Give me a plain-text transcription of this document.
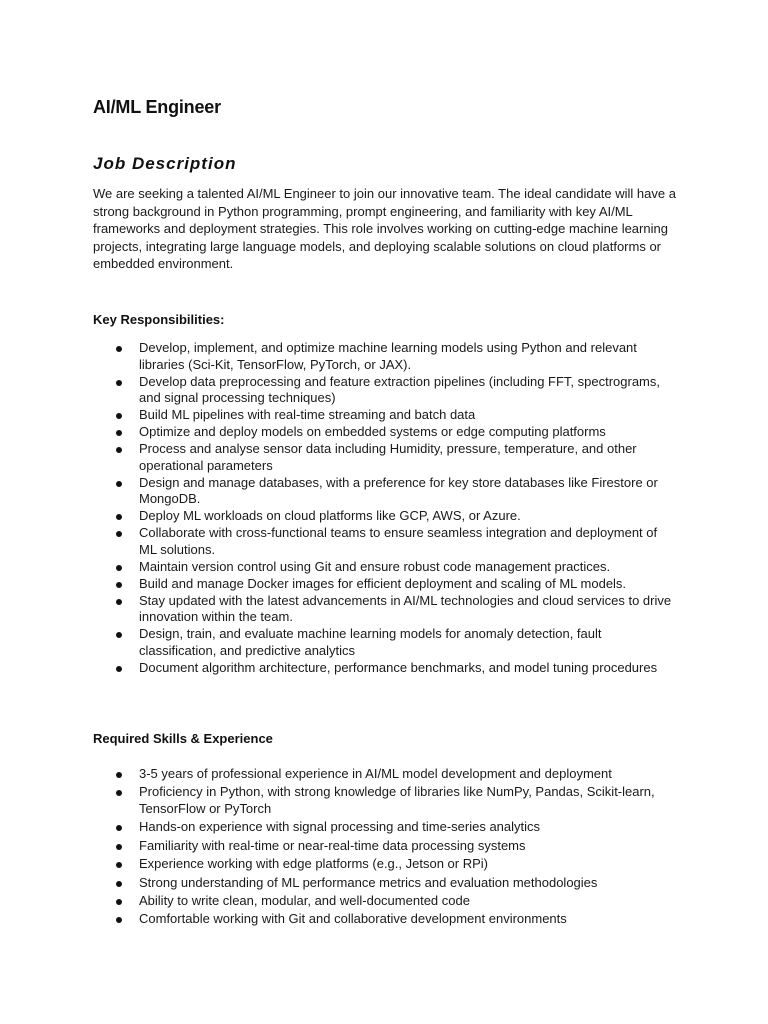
AI/ML Engineer
Job Description

We are seeking a talented AI/ML Engineer to join our innovative team. The ideal candidate will have a strong background in Python programming, prompt engineering, and familiarity with key AI/ML frameworks and deployment strategies. This role involves working on cutting-edge machine learning projects, integrating large language models, and deploying scalable solutions on cloud platforms or embedded environment.

Key Responsibilities:
Develop, implement, and optimize machine learning models using Python and relevant libraries (Sci-Kit, TensorFlow, PyTorch, or JAX).
Develop data preprocessing and feature extraction pipelines (including FFT, spectrograms, and signal processing techniques)
Build ML pipelines with real-time streaming and batch data
Optimize and deploy models on embedded systems or edge computing platforms
Process and analyse sensor data including Humidity, pressure, temperature, and other operational parameters
Design and manage databases, with a preference for key store databases like Firestore or MongoDB.
Deploy ML workloads on cloud platforms like GCP, AWS, or Azure.
Collaborate with cross-functional teams to ensure seamless integration and deployment of ML solutions.
Maintain version control using Git and ensure robust code management practices.
Build and manage Docker images for efficient deployment and scaling of ML models.
Stay updated with the latest advancements in AI/ML technologies and cloud services to drive innovation within the team.
Design, train, and evaluate machine learning models for anomaly detection, fault classification, and predictive analytics
Document algorithm architecture, performance benchmarks, and model tuning procedures
Required Skills & Experience
3-5 years of professional experience in AI/ML model development and deployment
Proficiency in Python, with strong knowledge of libraries like NumPy, Pandas, Scikit-learn, TensorFlow or PyTorch
Hands-on experience with signal processing and time-series analytics
Familiarity with real-time or near-real-time data processing systems
Experience working with edge platforms (e.g., Jetson or RPi)
Strong understanding of ML performance metrics and evaluation methodologies
Ability to write clean, modular, and well-documented code
Comfortable working with Git and collaborative development environments
